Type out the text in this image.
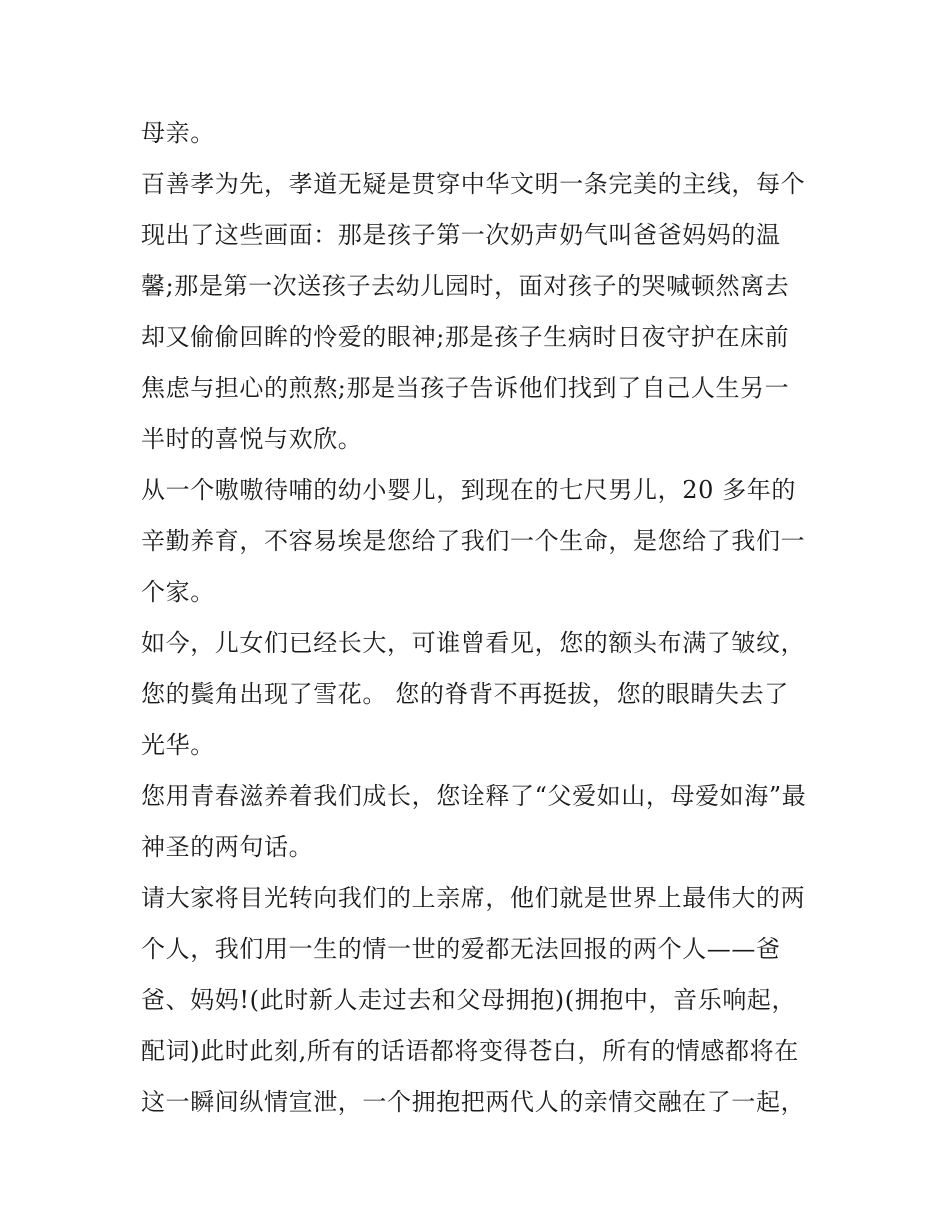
母亲。

百善孝为先，孝道无疑是贯穿中华文明一条完美的主线，每个
现出了这些画面：那是孩子第一次奶声奶气叫爸爸妈妈的温
馨;那是第一次送孩子去幼儿园时，面对孩子的哭喊顿然离去
却又偷偷回眸的怜爱的眼神;那是孩子生病时日夜守护在床前
焦虑与担心的煎熬;那是当孩子告诉他们找到了自己人生另一
半时的喜悦与欢欣。

从一个嗷嗷待哺的幼小婴儿，到现在的七尺男儿，20 多年的
辛勤养育，不容易埃是您给了我们一个生命，是您给了我们一
个家。

如今，儿女们已经长大，可谁曾看见，您的额头布满了皱纹，
您的鬓角出现了雪花。 您的脊背不再挺拔，您的眼睛失去了
光华。

您用青春滋养着我们成长，您诠释了“父爱如山，母爱如海”最
神圣的两句话。

请大家将目光转向我们的上亲席，他们就是世界上最伟大的两
个人，我们用一生的情一世的爱都无法回报的两个人——爸
爸、妈妈!(此时新人走过去和父母拥抱)(拥抱中，音乐响起，
配词)此时此刻,所有的话语都将变得苍白，所有的情感都将在
这一瞬间纵情宣泄，一个拥抱把两代人的亲情交融在了一起，
